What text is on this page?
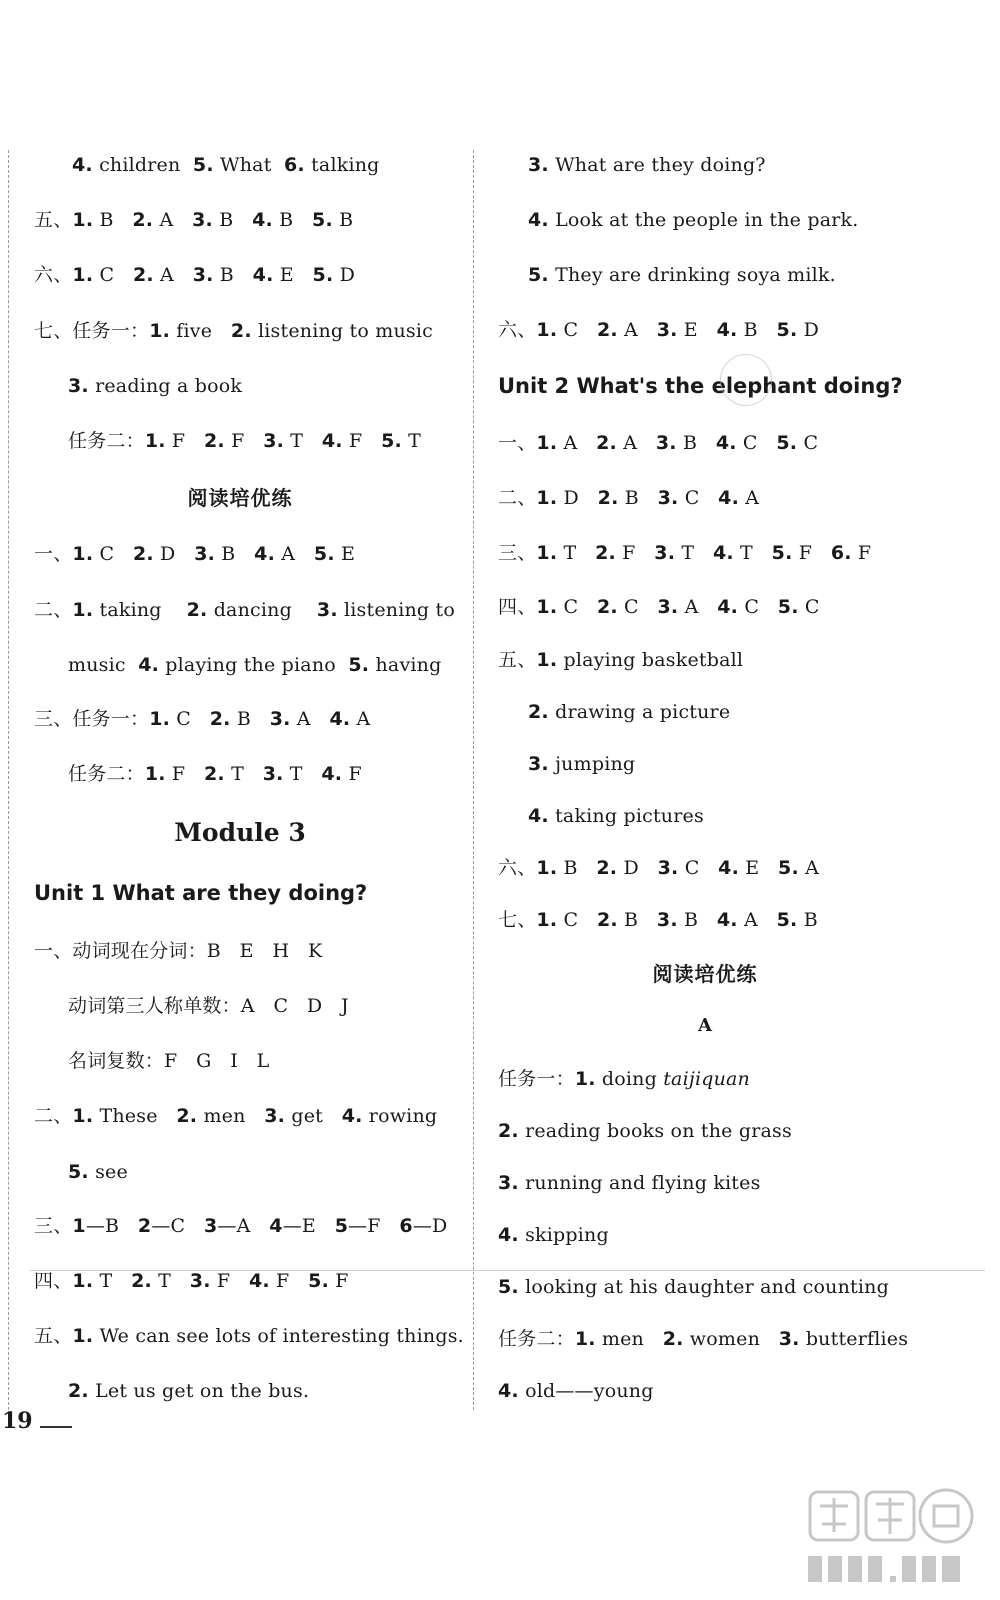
4. children  5. What  6. talking
五、1. B   2. A   3. B   4. B   5. B
六、1. C   2. A   3. B   4. E   5. D
七、任务一：1. five   2. listening to music
3. reading a book
任务二：1. F   2. F   3. T   4. F   5. T
阅读培优练
一、1. C   2. D   3. B   4. A   5. E
二、1. taking    2. dancing    3. listening to
music  4. playing the piano  5. having
三、任务一：1. C   2. B   3. A   4. A
任务二：1. F   2. T   3. T   4. F
Module 3
Unit 1 What are they doing?
一、动词现在分词：B   E   H   K
动词第三人称单数：A   C   D   J
名词复数：F   G   I   L
二、1. These   2. men   3. get   4. rowing
5. see
三、1—B   2—C   3—A   4—E   5—F   6—D
四、1. T   2. T   3. F   4. F   5. F
五、1. We can see lots of interesting things.
2. Let us get on the bus.
3. What are they doing?
4. Look at the people in the park.
5. They are drinking soya milk.
六、1. C   2. A   3. E   4. B   5. D
Unit 2 What's the elephant doing?
一、1. A   2. A   3. B   4. C   5. C
二、1. D   2. B   3. C   4. A
三、1. T   2. F   3. T   4. T   5. F   6. F
四、1. C   2. C   3. A   4. C   5. C
五、1. playing basketball
2. drawing a picture
3. jumping
4. taking pictures
六、1. B   2. D   3. C   4. E   5. A
七、1. C   2. B   3. B   4. A   5. B
阅读培优练
A
任务一：1. doing taijiquan
2. reading books on the grass
3. running and flying kites
4. skipping
5. looking at his daughter and counting
任务二：1. men   2. women   3. butterflies
4. old——young
19
